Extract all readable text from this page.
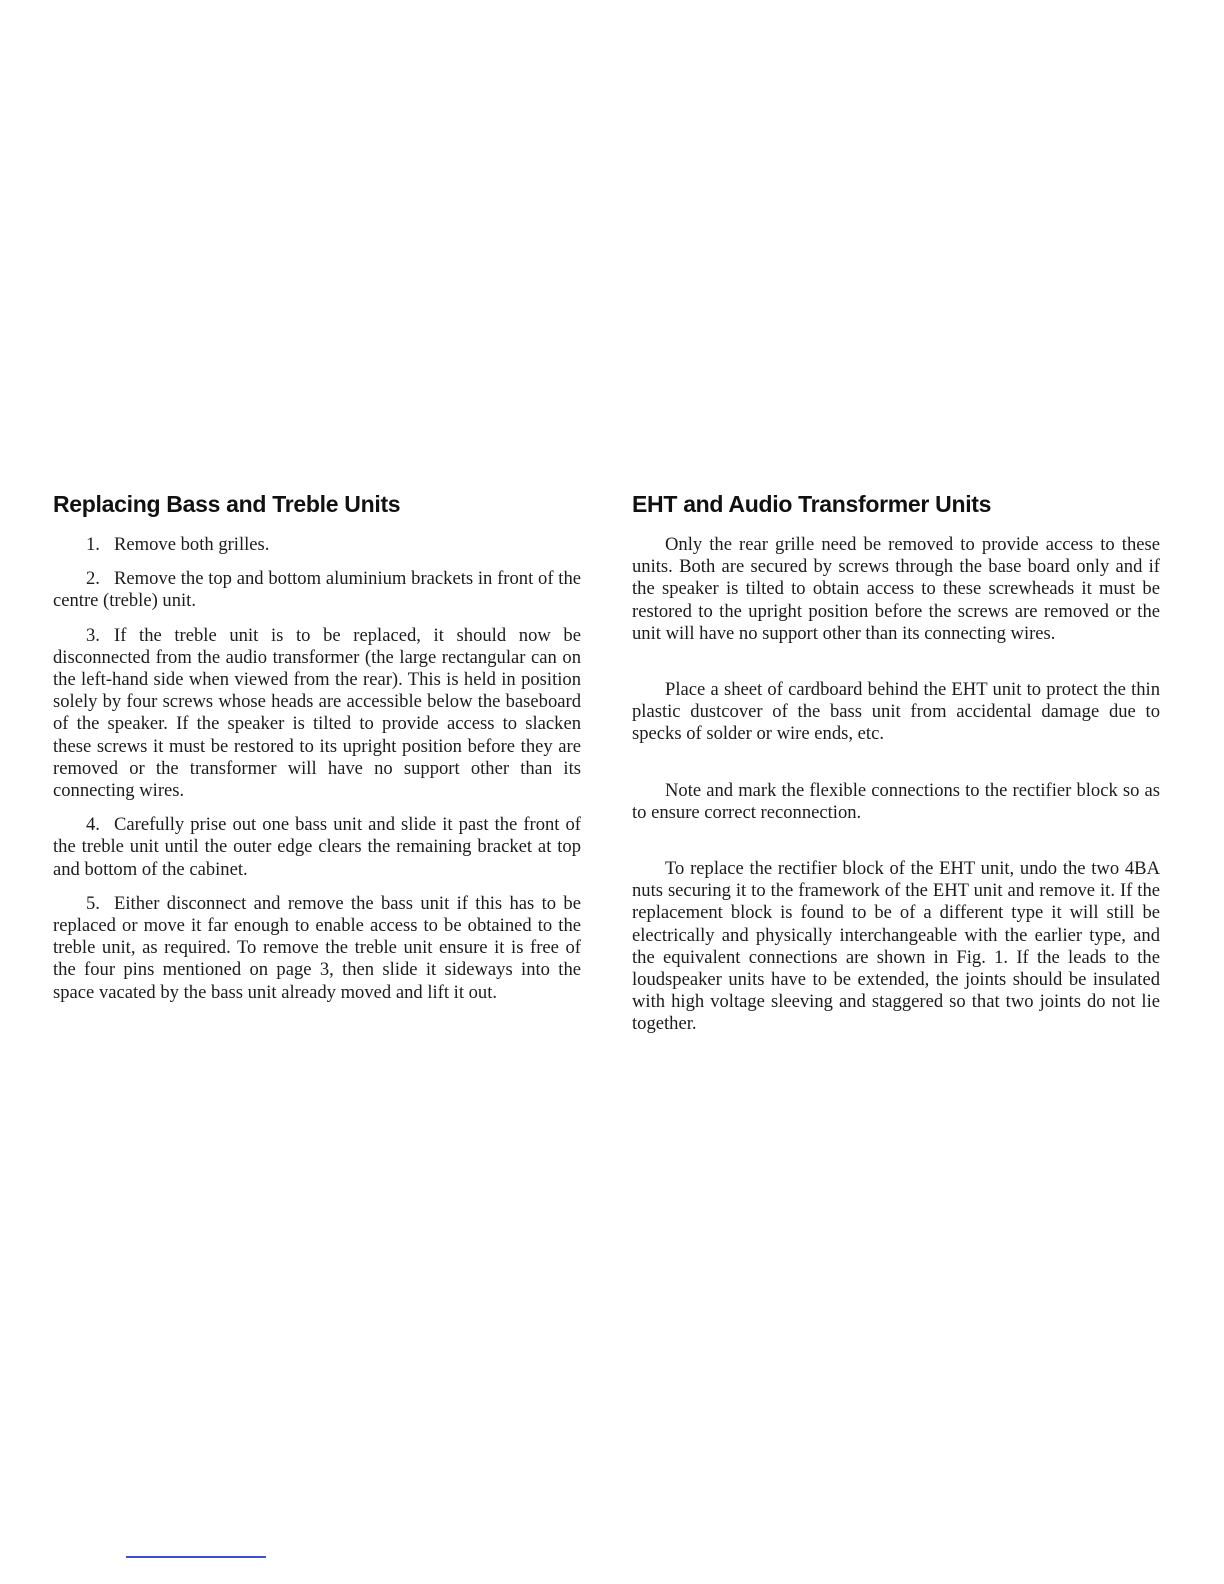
Replacing Bass and Treble Units

1. Remove both grilles.

2. Remove the top and bottom aluminium brackets in front of the centre (treble) unit.

3. If the treble unit is to be replaced, it should now be disconnected from the audio transformer (the large rectangular can on the left-hand side when viewed from the rear). This is held in position solely by four screws whose heads are accessible below the baseboard of the speaker. If the speaker is tilted to provide access to slacken these screws it must be restored to its upright position before they are removed or the transformer will have no support other than its connecting wires.

4. Carefully prise out one bass unit and slide it past the front of the treble unit until the outer edge clears the remaining bracket at top and bottom of the cabinet.

5. Either disconnect and remove the bass unit if this has to be replaced or move it far enough to enable access to be obtained to the treble unit, as required. To remove the treble unit ensure it is free of the four pins mentioned on page 3, then slide it sideways into the space vacated by the bass unit already moved and lift it out.

EHT and Audio Transformer Units

Only the rear grille need be removed to provide access to these units. Both are secured by screws through the base board only and if the speaker is tilted to obtain access to these screwheads it must be restored to the upright position before the screws are removed or the unit will have no support other than its connecting wires.

Place a sheet of cardboard behind the EHT unit to protect the thin plastic dustcover of the bass unit from accidental damage due to specks of solder or wire ends, etc.

Note and mark the flexible connections to the rectifier block so as to ensure correct reconnection.

To replace the rectifier block of the EHT unit, undo the two 4BA nuts securing it to the framework of the EHT unit and remove it. If the replacement block is found to be of a different type it will still be electrically and physically interchangeable with the earlier type, and the equivalent connections are shown in Fig. 1. If the leads to the loudspeaker units have to be extended, the joints should be insulated with high voltage sleeving and staggered so that two joints do not lie together.
